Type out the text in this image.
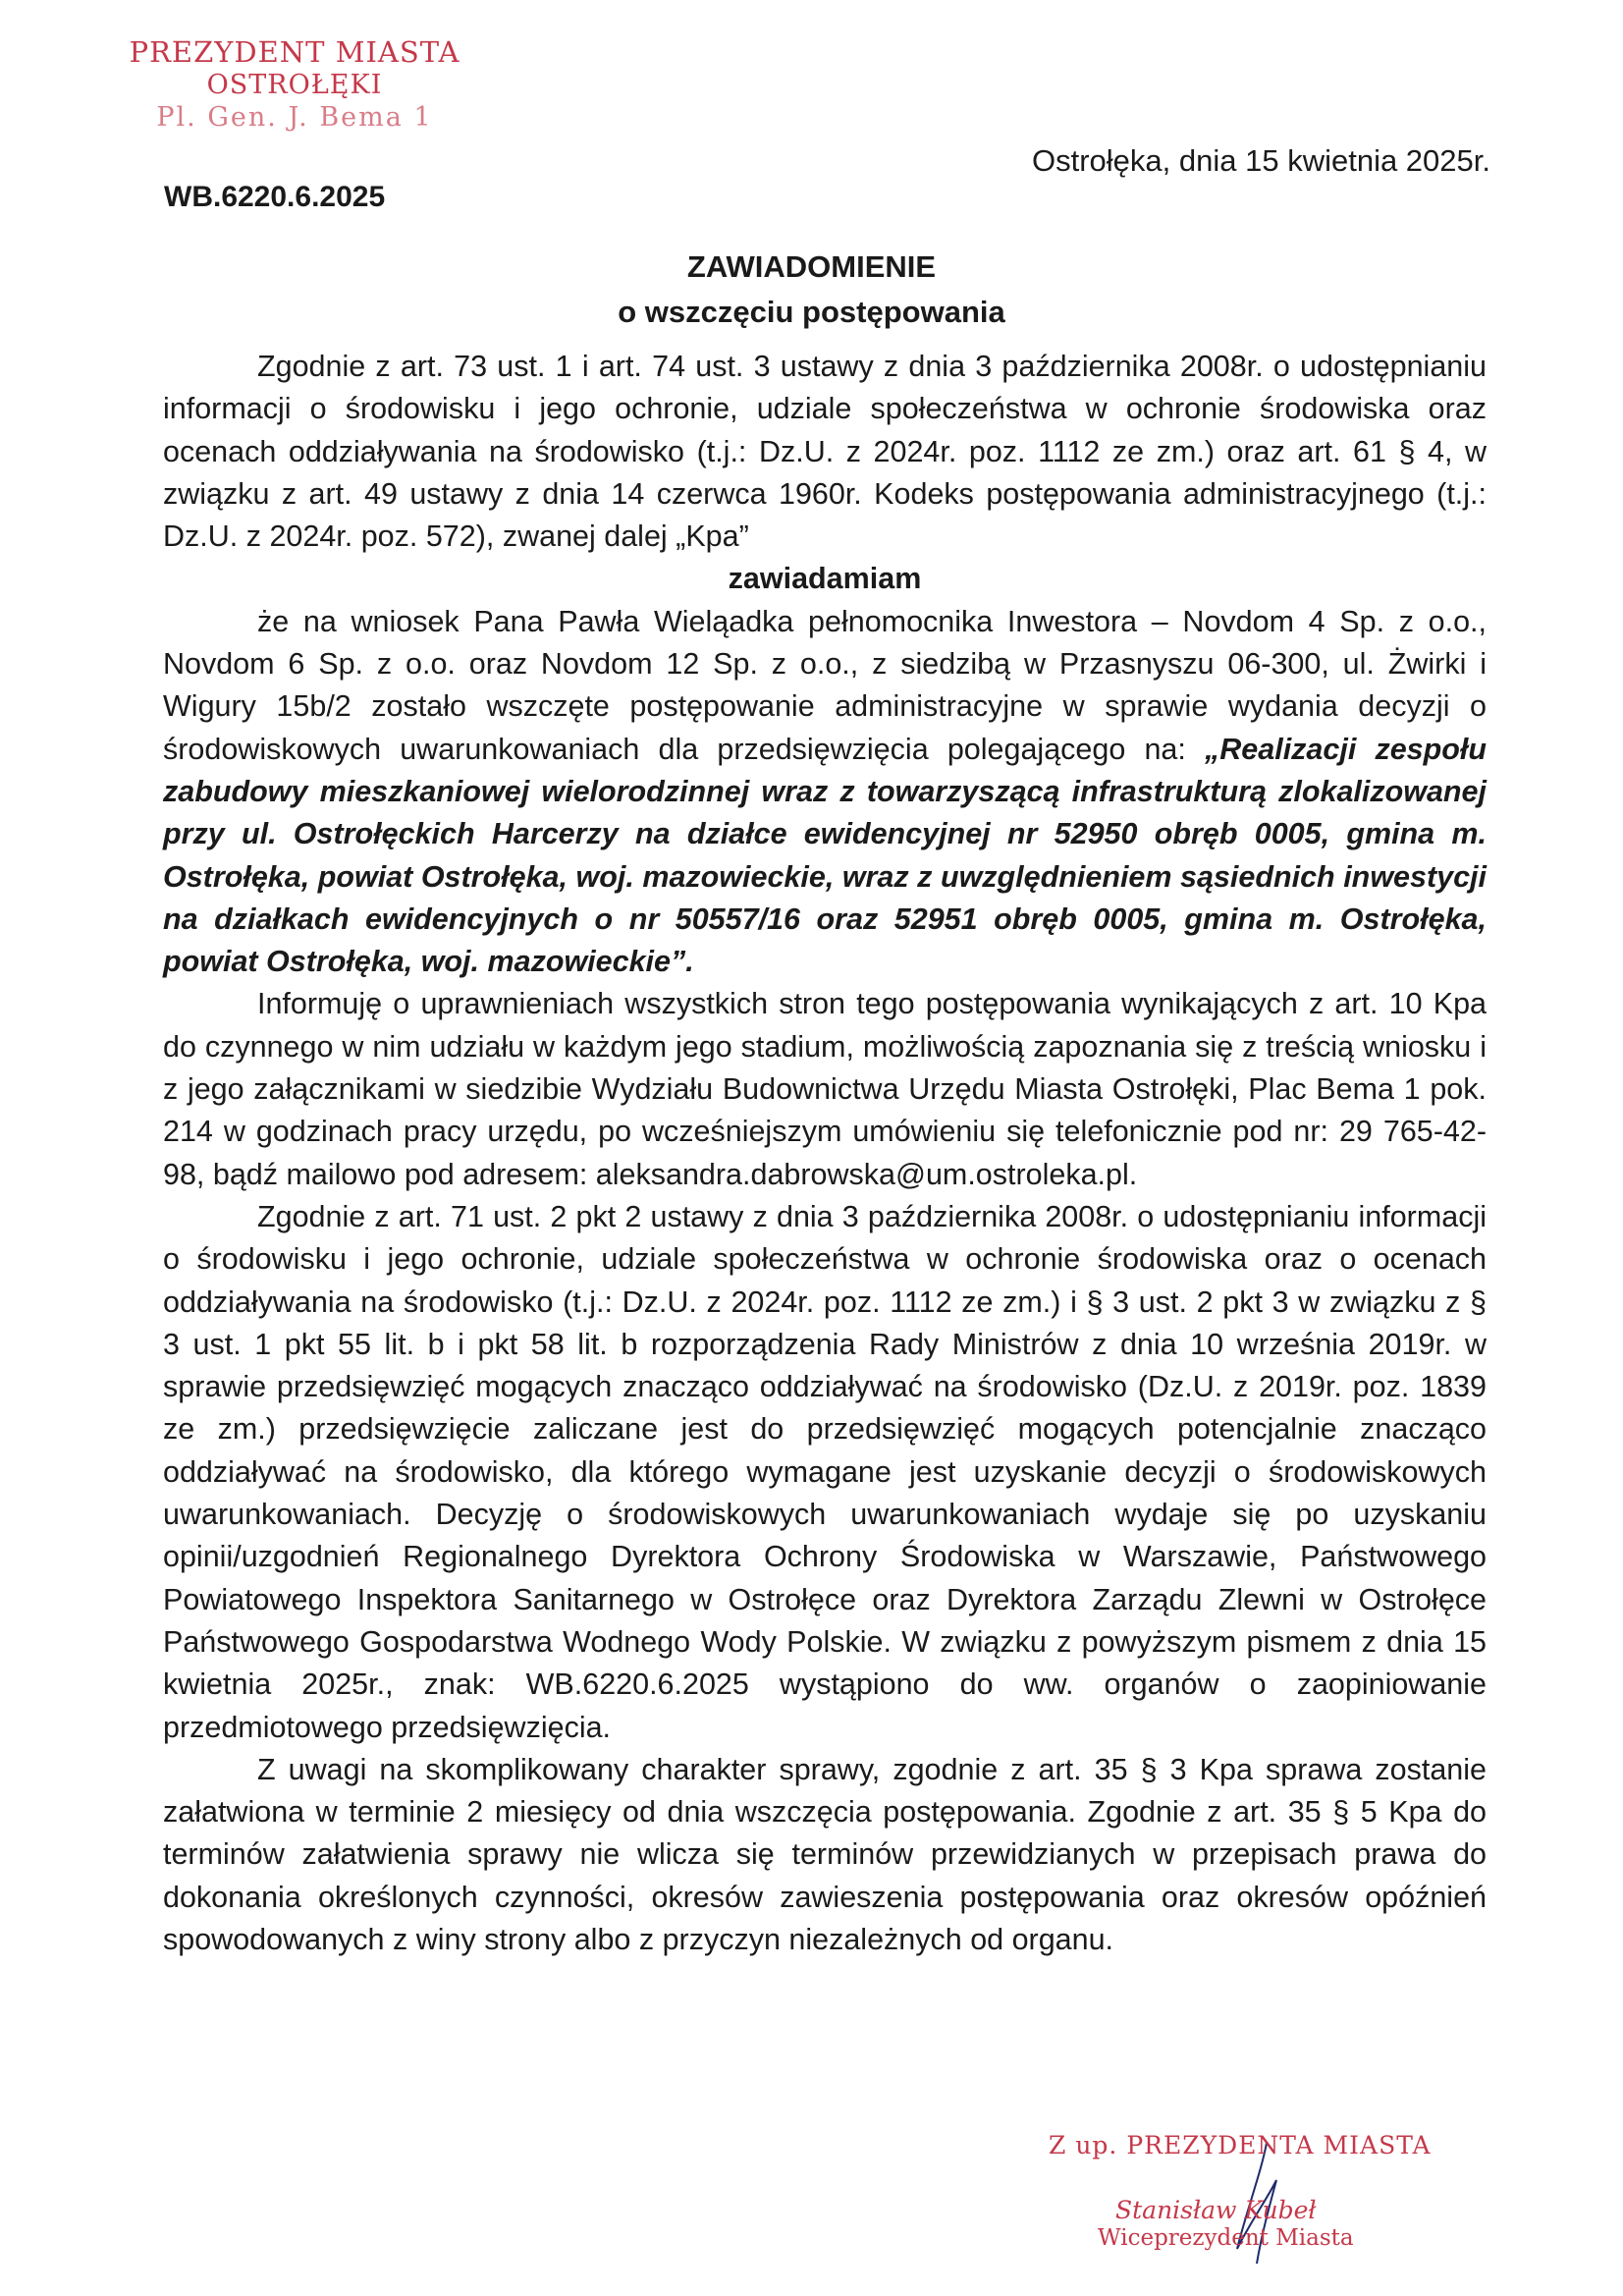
PREZYDENT MIASTA
OSTROŁĘKI
Pl. Gen. J. Bema 1
Ostrołęka, dnia 15 kwietnia 2025r.
WB.6220.6.2025
ZAWIADOMIENIE
o wszczęciu postępowania

Zgodnie z art. 73 ust. 1 i art. 74 ust. 3 ustawy z dnia 3 października 2008r. o udostępnianiu informacji o środowisku i jego ochronie, udziale społeczeństwa w ochronie środowiska oraz ocenach oddziaływania na środowisko (t.j.: Dz.U. z 2024r. poz. 1112 ze zm.) oraz art. 61 § 4, w związku z art. 49 ustawy z dnia 14 czerwca 1960r. Kodeks postępowania administracyjnego (t.j.: Dz.U. z 2024r. poz. 572), zwanej dalej „Kpa”

zawiadamiam

że na wniosek Pana Pawła Wieląadka pełnomocnika Inwestora – Novdom 4 Sp. z o.o., Novdom 6 Sp. z o.o. oraz Novdom 12 Sp. z o.o., z siedzibą w Przasnyszu 06-300, ul. Żwirki i Wigury 15b/2 zostało wszczęte postępowanie administracyjne w sprawie wydania decyzji o środowiskowych uwarunkowaniach dla przedsięwzięcia polegającego na: „Realizacji zespołu zabudowy mieszkaniowej wielorodzinnej wraz z towarzyszącą infrastrukturą zlokalizowanej przy ul. Ostrołęckich Harcerzy na działce ewidencyjnej nr 52950 obręb 0005, gmina m. Ostrołęka, powiat Ostrołęka, woj. mazowieckie, wraz z uwzględnieniem sąsiednich inwestycji na działkach ewidencyjnych o nr 50557/16 oraz 52951 obręb 0005, gmina m. Ostrołęka, powiat Ostrołęka, woj. mazowieckie”.

Informuję o uprawnieniach wszystkich stron tego postępowania wynikających z art. 10 Kpa do czynnego w nim udziału w każdym jego stadium, możliwością zapoznania się z treścią wniosku i z jego załącznikami w siedzibie Wydziału Budownictwa Urzędu Miasta Ostrołęki, Plac Bema 1 pok. 214 w godzinach pracy urzędu, po wcześniejszym umówieniu się telefonicznie pod nr: 29 765-42-98, bądź mailowo pod adresem: aleksandra.dabrowska@um.ostroleka.pl.

Zgodnie z art. 71 ust. 2 pkt 2 ustawy z dnia 3 października 2008r. o udostępnianiu informacji o środowisku i jego ochronie, udziale społeczeństwa w ochronie środowiska oraz o ocenach oddziaływania na środowisko (t.j.: Dz.U. z 2024r. poz. 1112 ze zm.) i § 3 ust. 2 pkt 3 w związku z § 3 ust. 1 pkt 55 lit. b i pkt 58 lit. b rozporządzenia Rady Ministrów z dnia 10 września 2019r. w sprawie przedsięwzięć mogących znacząco oddziaływać na środowisko (Dz.U. z 2019r. poz. 1839 ze zm.) przedsięwzięcie zaliczane jest do przedsięwzięć mogących potencjalnie znacząco oddziaływać na środowisko, dla którego wymagane jest uzyskanie decyzji o środowiskowych uwarunkowaniach. Decyzję o środowiskowych uwarunkowaniach wydaje się po uzyskaniu opinii/uzgodnień Regionalnego Dyrektora Ochrony Środowiska w Warszawie, Państwowego Powiatowego Inspektora Sanitarnego w Ostrołęce oraz Dyrektora Zarządu Zlewni w Ostrołęce Państwowego Gospodarstwa Wodnego Wody Polskie. W związku z powyższym pismem z dnia 15 kwietnia 2025r., znak: WB.6220.6.2025 wystąpiono do ww. organów o zaopiniowanie przedmiotowego przedsięwzięcia.

Z uwagi na skomplikowany charakter sprawy, zgodnie z art. 35 § 3 Kpa sprawa zostanie załatwiona w terminie 2 miesięcy od dnia wszczęcia postępowania. Zgodnie z art. 35 § 5 Kpa do terminów załatwienia sprawy nie wlicza się terminów przewidzianych w przepisach prawa do dokonania określonych czynności, okresów zawieszenia postępowania oraz okresów opóźnień spowodowanych z winy strony albo z przyczyn niezależnych od organu.

Z up. PREZYDENTA MIASTA
Stanisław Kubeł
Wiceprezydent Miasta
